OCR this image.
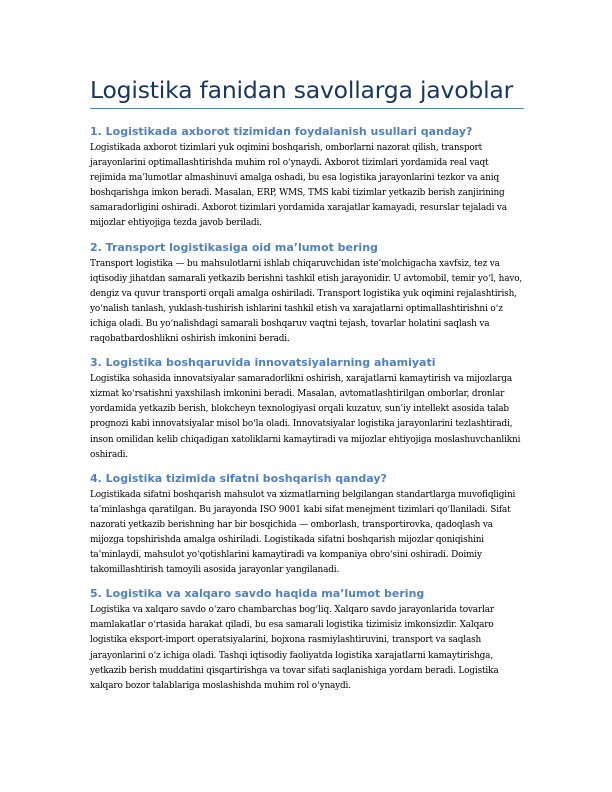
Logistika fanidan savollarga javoblar
1. Logistikada axborot tizimidan foydalanish usullari qanday?

Logistikada axborot tizimlari yuk oqimini boshqarish, omborlarni nazorat qilish, transport jarayonlarini optimallashtirishda muhim rol o‘ynaydi. Axborot tizimlari yordamida real vaqt rejimida ma’lumotlar almashinuvi amalga oshadi, bu esa logistika jarayonlarini tezkor va aniq boshqarishga imkon beradi. Masalan, ERP, WMS, TMS kabi tizimlar yetkazib berish zanjirining samaradorligini oshiradi. Axborot tizimlari yordamida xarajatlar kamayadi, resurslar tejaladi va mijozlar ehtiyojiga tezda javob beriladi.

2. Transport logistikasiga oid ma’lumot bering

Transport logistika — bu mahsulotlarni ishlab chiqaruvchidan iste’molchigacha xavfsiz, tez va iqtisodiy jihatdan samarali yetkazib berishni tashkil etish jarayonidir. U avtomobil, temir yo‘l, havo, dengiz va quvur transporti orqali amalga oshiriladi. Transport logistika yuk oqimini rejalashtirish, yo‘nalish tanlash, yuklash-tushirish ishlarini tashkil etish va xarajatlarni optimallashtirishni o‘z ichiga oladi. Bu yo‘nalishdagi samarali boshqaruv vaqtni tejash, tovarlar holatini saqlash va raqobatbardoshlikni oshirish imkonini beradi.

3. Logistika boshqaruvida innovatsiyalarning ahamiyati

Logistika sohasida innovatsiyalar samaradorlikni oshirish, xarajatlarni kamaytirish va mijozlarga xizmat ko‘rsatishni yaxshilash imkonini beradi. Masalan, avtomatlashtirilgan omborlar, dronlar yordamida yetkazib berish, blokcheyn texnologiyasi orqali kuzatuv, sun’iy intellekt asosida talab prognozi kabi innovatsiyalar misol bo‘la oladi. Innovatsiyalar logistika jarayonlarini tezlashtiradi, inson omilidan kelib chiqadigan xatoliklarni kamaytiradi va mijozlar ehtiyojiga moslashuvchanlikni oshiradi.

4. Logistika tizimida sifatni boshqarish qanday?

Logistikada sifatni boshqarish mahsulot va xizmatlarning belgilangan standartlarga muvofiqligini ta’minlashga qaratilgan. Bu jarayonda ISO 9001 kabi sifat menejment tizimlari qo‘llaniladi. Sifat nazorati yetkazib berishning har bir bosqichida — omborlash, transportirovka, qadoqlash va mijozga topshirishda amalga oshiriladi. Logistikada sifatni boshqarish mijozlar qoniqishini ta’minlaydi, mahsulot yo‘qotishlarini kamaytiradi va kompaniya obro‘sini oshiradi. Doimiy takomillashtirish tamoyili asosida jarayonlar yangilanadi.

5. Logistika va xalqaro savdo haqida ma’lumot bering

Logistika va xalqaro savdo o‘zaro chambarchas bog‘liq. Xalqaro savdo jarayonlarida tovarlar mamlakatlar o‘rtasida harakat qiladi, bu esa samarali logistika tizimisiz imkonsizdir. Xalqaro logistika eksport-import operatsiyalarini, bojxona rasmiylashtiruvini, transport va saqlash jarayonlarini o‘z ichiga oladi. Tashqi iqtisodiy faoliyatda logistika xarajatlarni kamaytirishga, yetkazib berish muddatini qisqartirishga va tovar sifati saqlanishiga yordam beradi. Logistika xalqaro bozor talablariga moslashishda muhim rol o‘ynaydi.
